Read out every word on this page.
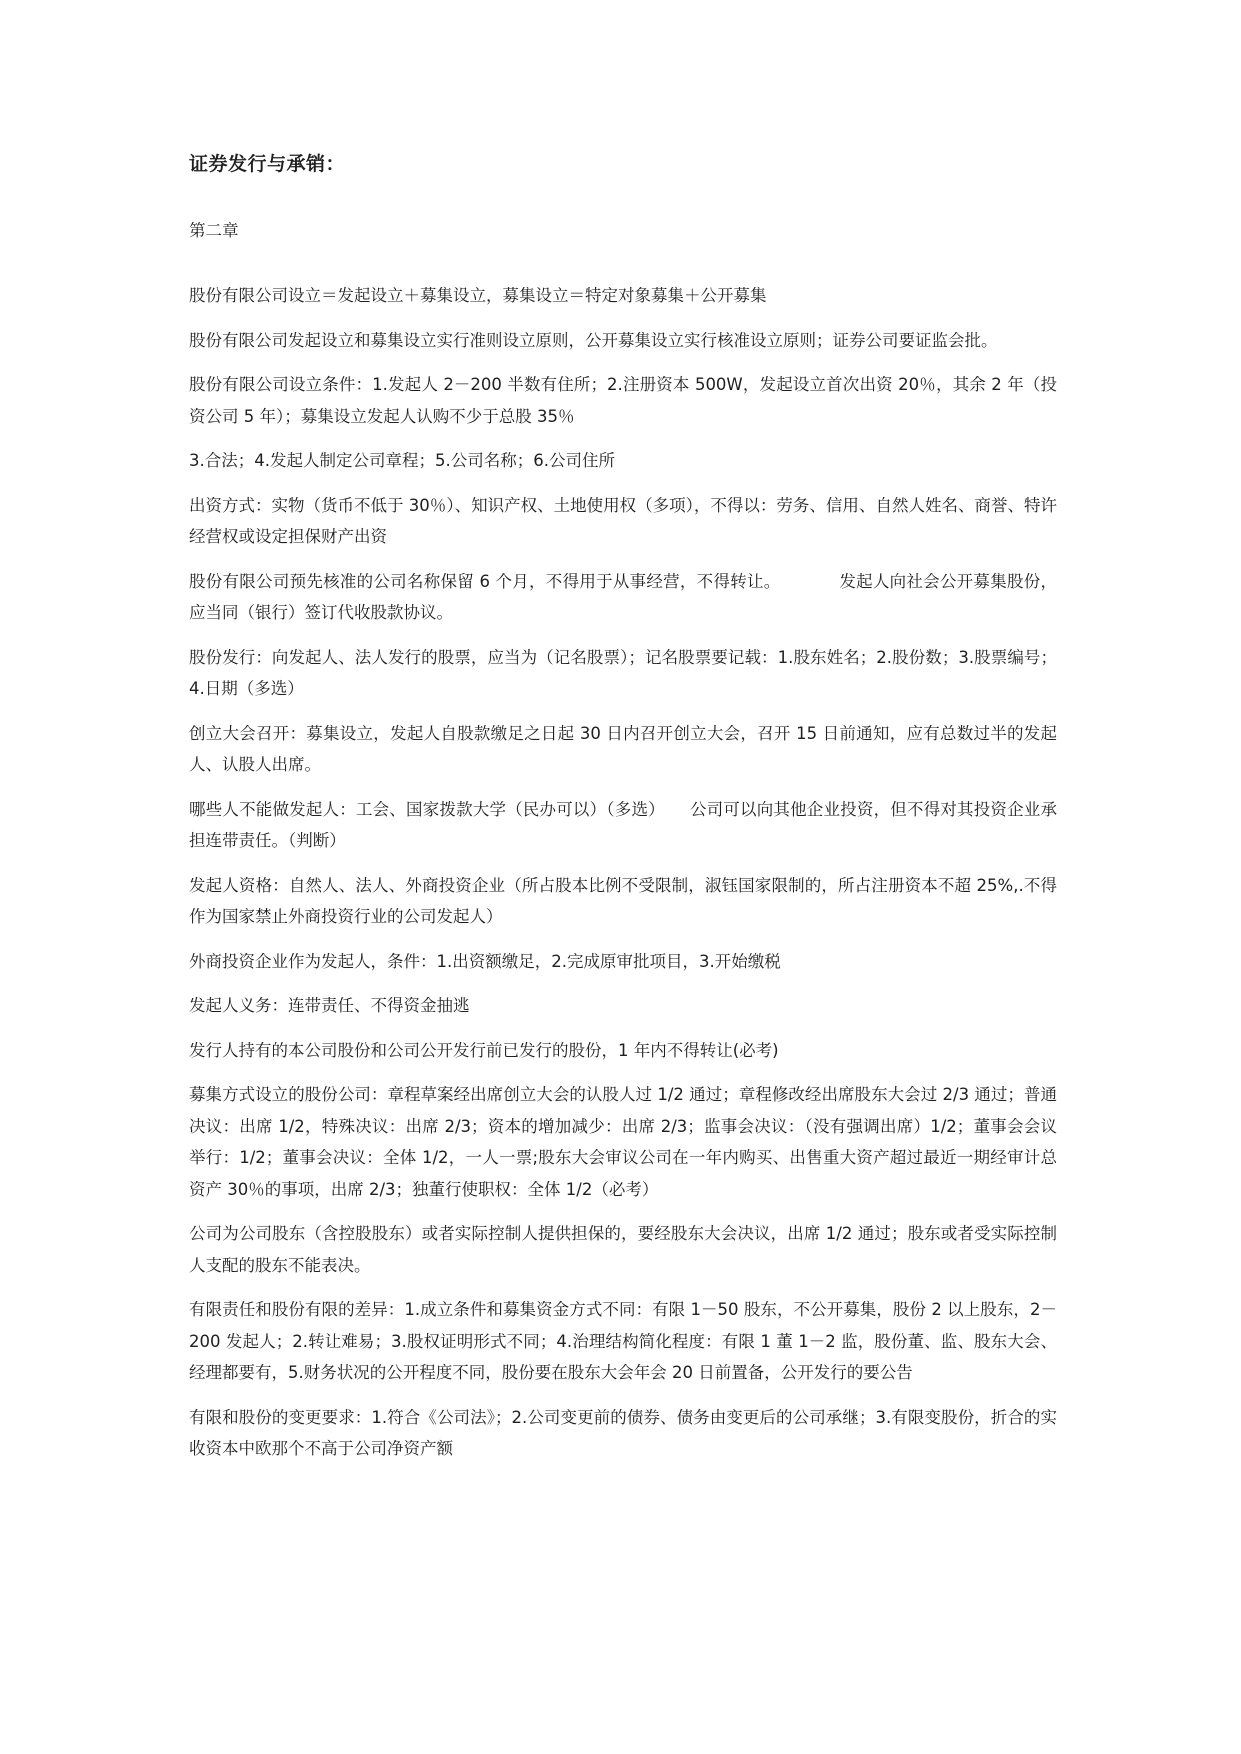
证券发行与承销：
第二章

股份有限公司设立＝发起设立＋募集设立，募集设立＝特定对象募集＋公开募集

股份有限公司发起设立和募集设立实行准则设立原则，公开募集设立实行核准设立原则；证券公司要证监会批。

股份有限公司设立条件：1.发起人 2－200 半数有住所；2.注册资本 500W，发起设立首次出资 20％，其余 2 年（投资公司 5 年）；募集设立发起人认购不少于总股 35％

3.合法；4.发起人制定公司章程；5.公司名称；6.公司住所

出资方式：实物（货币不低于 30％）、知识产权、土地使用权（多项），不得以：劳务、信用、自然人姓名、商誉、特许经营权或设定担保财产出资

股份有限公司预先核准的公司名称保留 6 个月，不得用于从事经营，不得转让。　　　　发起人向社会公开募集股份，应当同（银行）签订代收股款协议。

股份发行：向发起人、法人发行的股票，应当为（记名股票）；记名股票要记载：1.股东姓名；2.股份数；3.股票编号；4.日期（多选）

创立大会召开：募集设立，发起人自股款缴足之日起 30 日内召开创立大会，召开 15 日前通知，应有总数过半的发起人、认股人出席。

哪些人不能做发起人：工会、国家拨款大学（民办可以）（多选）　　公司可以向其他企业投资，但不得对其投资企业承担连带责任。（判断）

发起人资格：自然人、法人、外商投资企业（所占股本比例不受限制，淑钰国家限制的，所占注册资本不超 25%,.不得作为国家禁止外商投资行业的公司发起人）

外商投资企业作为发起人，条件：1.出资额缴足，2.完成原审批项目，3.开始缴税

发起人义务：连带责任、不得资金抽逃

发行人持有的本公司股份和公司公开发行前已发行的股份，1 年内不得转让(必考)

募集方式设立的股份公司：章程草案经出席创立大会的认股人过 1/2 通过；章程修改经出席股东大会过 2/3 通过；普通决议：出席 1/2，特殊决议：出席 2/3；资本的增加减少：出席 2/3；监事会决议：（没有强调出席）1/2；董事会会议举行：1/2；董事会决议：全体 1/2，一人一票;股东大会审议公司在一年内购买、出售重大资产超过最近一期经审计总资产 30％的事项，出席 2/3；独董行使职权：全体 1/2（必考）

公司为公司股东（含控股股东）或者实际控制人提供担保的，要经股东大会决议，出席 1/2 通过；股东或者受实际控制人支配的股东不能表决。

有限责任和股份有限的差异：1.成立条件和募集资金方式不同：有限 1－50 股东，不公开募集，股份 2 以上股东，2－200 发起人；2.转让难易；3.股权证明形式不同；4.治理结构简化程度：有限 1 董 1－2 监，股份董、监、股东大会、经理都要有，5.财务状况的公开程度不同，股份要在股东大会年会 20 日前置备，公开发行的要公告

有限和股份的变更要求：1.符合《公司法》；2.公司变更前的债券、债务由变更后的公司承继；3.有限变股份，折合的实收资本中欧那个不高于公司净资产额
